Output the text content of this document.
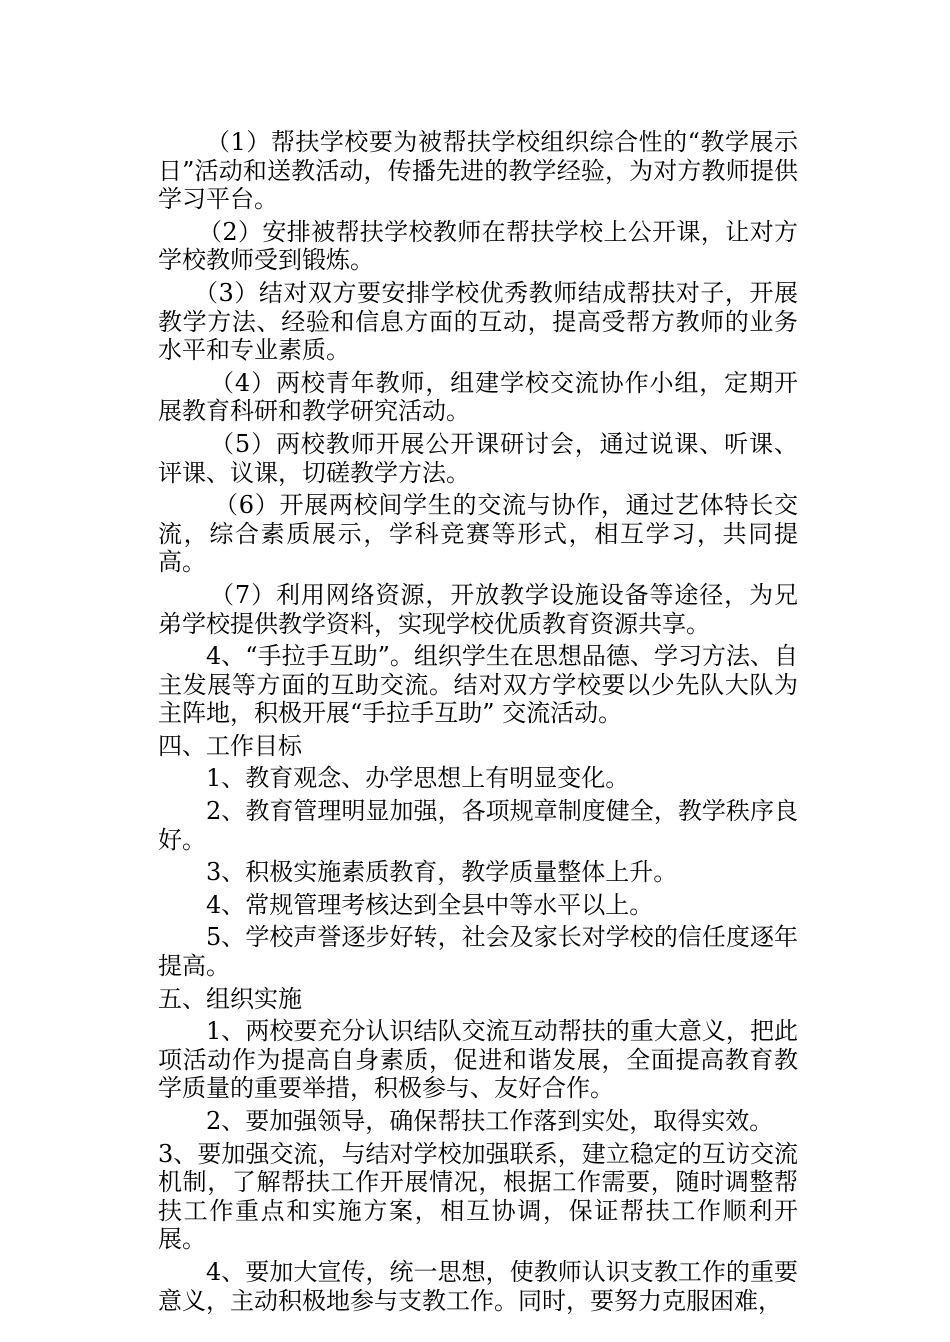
（1）帮扶学校要为被帮扶学校组织综合性的“教学展示日”活动和送教活动，传播先进的教学经验，为对方教师提供学习平台。

（2）安排被帮扶学校教师在帮扶学校上公开课，让对方学校教师受到锻炼。

（3）结对双方要安排学校优秀教师结成帮扶对子，开展教学方法、经验和信息方面的互动，提高受帮方教师的业务水平和专业素质。

（4）两校青年教师，组建学校交流协作小组，定期开展教育科研和教学研究活动。

（5）两校教师开展公开课研讨会，通过说课、听课、评课、议课，切磋教学方法。

（6）开展两校间学生的交流与协作，通过艺体特长交流，综合素质展示，学科竞赛等形式，相互学习，共同提高。

（7）利用网络资源，开放教学设施设备等途径，为兄弟学校提供教学资料，实现学校优质教育资源共享。

4、“手拉手互助”。组织学生在思想品德、学习方法、自主发展等方面的互助交流。结对双方学校要以少先队大队为主阵地，积极开展“手拉手互助” 交流活动。

四、工作目标

1、教育观念、办学思想上有明显变化。

2、教育管理明显加强，各项规章制度健全，教学秩序良好。

3、积极实施素质教育，教学质量整体上升。

4、常规管理考核达到全县中等水平以上。

5、学校声誉逐步好转，社会及家长对学校的信任度逐年提高。

五、组织实施

1、两校要充分认识结队交流互动帮扶的重大意义，把此项活动作为提高自身素质，促进和谐发展，全面提高教育教学质量的重要举措，积极参与、友好合作。

2、要加强领导，确保帮扶工作落到实处，取得实效。

3、要加强交流，与结对学校加强联系，建立稳定的互访交流机制，了解帮扶工作开展情况，根据工作需要，随时调整帮扶工作重点和实施方案，相互协调，保证帮扶工作顺利开展。

4、要加大宣传，统一思想，使教师认识支教工作的重要意义，主动积极地参与支教工作。同时，要努力克服困难，
